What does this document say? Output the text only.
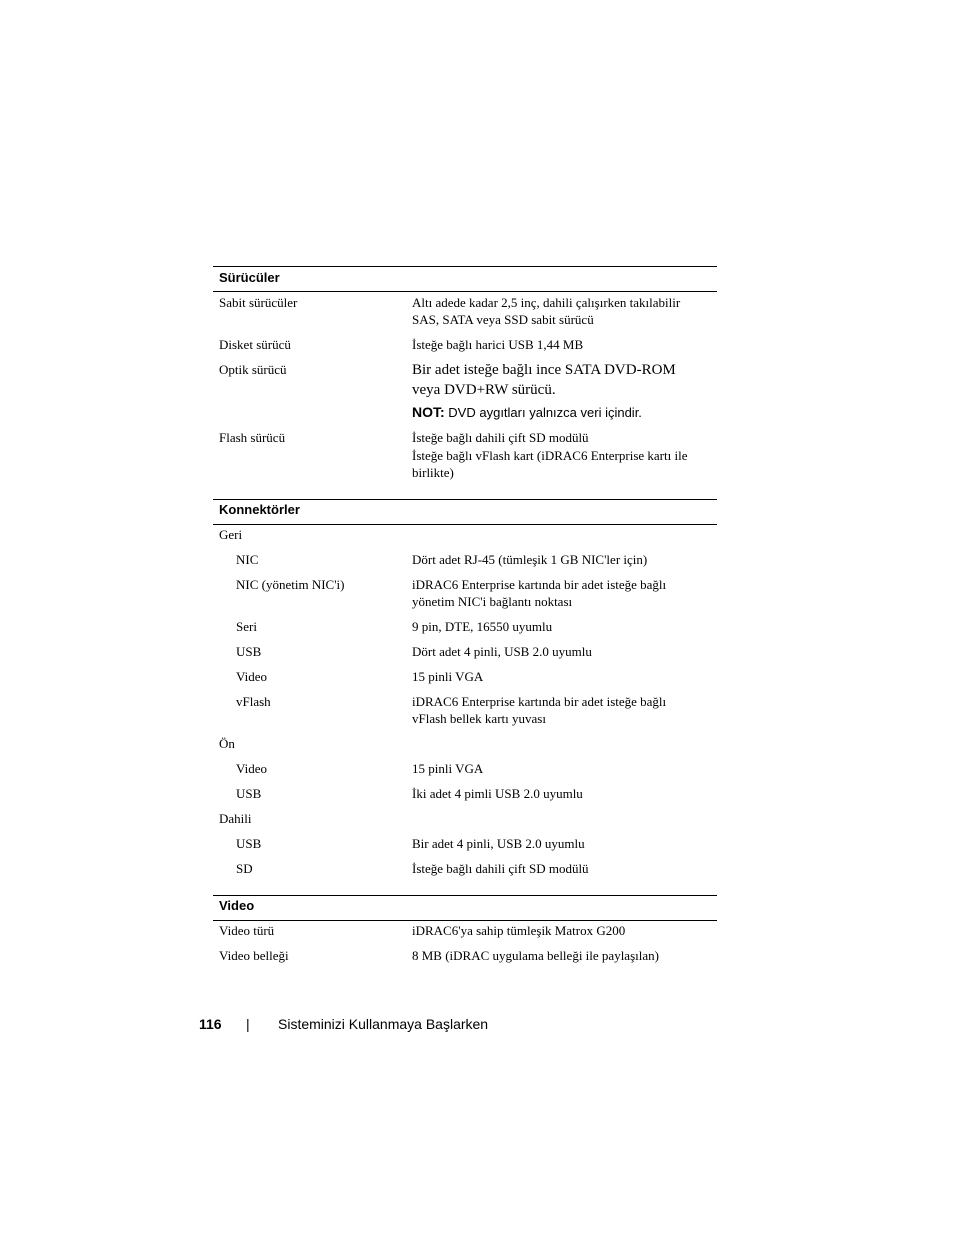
Sürücüler
Sabit sürücüler	Altı adede kadar 2,5 inç, dahili çalışırken takılabilir
SAS, SATA veya SSD sabit sürücü
Disket sürücü	İsteğe bağlı harici USB 1,44 MB
Optik sürücü	Bir adet isteğe bağlı ince SATA DVD-ROM
veya DVD+RW sürücü.
NOT: DVD aygıtları yalnızca veri içindir.
Flash sürücü	İsteğe bağlı dahili çift SD modülü
İsteğe bağlı vFlash kart (iDRAC6 Enterprise kartı ile
birlikte)
Konnektörler
Geri
NIC	Dört adet RJ-45 (tümleşik 1 GB NIC'ler için)
NIC (yönetim NIC'i)	iDRAC6 Enterprise kartında bir adet isteğe bağlı
yönetim NIC'i bağlantı noktası
Seri	9 pin, DTE, 16550 uyumlu
USB	Dört adet 4 pinli, USB 2.0 uyumlu
Video	15 pinli VGA
vFlash	iDRAC6 Enterprise kartında bir adet isteğe bağlı
vFlash bellek kartı yuvası
Ön
Video	15 pinli VGA
USB	İki adet 4 pimli USB 2.0 uyumlu
Dahili
USB	Bir adet 4 pinli, USB 2.0 uyumlu
SD	İsteğe bağlı dahili çift SD modülü
Video
Video türü	iDRAC6'ya sahip tümleşik Matrox G200
Video belleği	8 MB (iDRAC uygulama belleği ile paylaşılan)
116 | Sisteminizi Kullanmaya Başlarken
